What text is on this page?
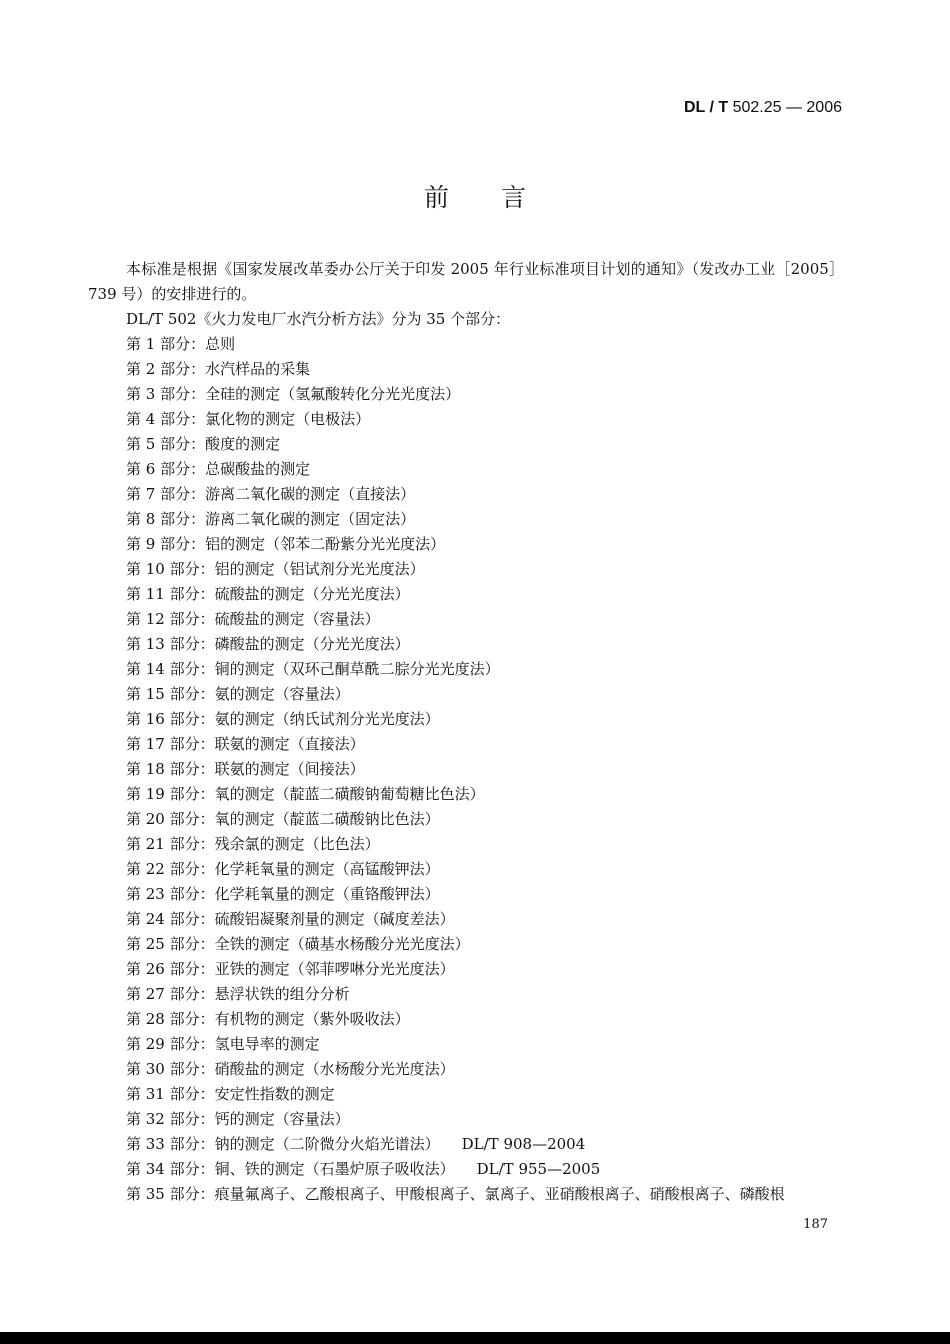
DL / T 502.25 — 2006
前言
本标准是根据《国家发展改革委办公厅关于印发 2005 年行业标准项目计划的通知》（发改办工业［2005］739 号）的安排进行的。
DL/T 502《火力发电厂水汽分析方法》分为 35 个部分：
第 1 部分：总则
第 2 部分：水汽样品的采集
第 3 部分：全硅的测定（氢氟酸转化分光光度法）
第 4 部分：氯化物的测定（电极法）
第 5 部分：酸度的测定
第 6 部分：总碳酸盐的测定
第 7 部分：游离二氧化碳的测定（直接法）
第 8 部分：游离二氧化碳的测定（固定法）
第 9 部分：铝的测定（邻苯二酚紫分光光度法）
第 10 部分：铝的测定（铝试剂分光光度法）
第 11 部分：硫酸盐的测定（分光光度法）
第 12 部分：硫酸盐的测定（容量法）
第 13 部分：磷酸盐的测定（分光光度法）
第 14 部分：铜的测定（双环己酮草酰二腙分光光度法）
第 15 部分：氨的测定（容量法）
第 16 部分：氨的测定（纳氏试剂分光光度法）
第 17 部分：联氨的测定（直接法）
第 18 部分：联氨的测定（间接法）
第 19 部分：氧的测定（靛蓝二磺酸钠葡萄糖比色法）
第 20 部分：氧的测定（靛蓝二磺酸钠比色法）
第 21 部分：残余氯的测定（比色法）
第 22 部分：化学耗氧量的测定（高锰酸钾法）
第 23 部分：化学耗氧量的测定（重铬酸钾法）
第 24 部分：硫酸铝凝聚剂量的测定（碱度差法）
第 25 部分：全铁的测定（磺基水杨酸分光光度法）
第 26 部分：亚铁的测定（邻菲啰啉分光光度法）
第 27 部分：悬浮状铁的组分分析
第 28 部分：有机物的测定（紫外吸收法）
第 29 部分：氢电导率的测定
第 30 部分：硝酸盐的测定（水杨酸分光光度法）
第 31 部分：安定性指数的测定
第 32 部分：钙的测定（容量法）
第 33 部分：钠的测定（二阶微分火焰光谱法） DL/T 908—2004
第 34 部分：铜、铁的测定（石墨炉原子吸收法） DL/T 955—2005
第 35 部分：痕量氟离子、乙酸根离子、甲酸根离子、氯离子、亚硝酸根离子、硝酸根离子、磷酸根
187
